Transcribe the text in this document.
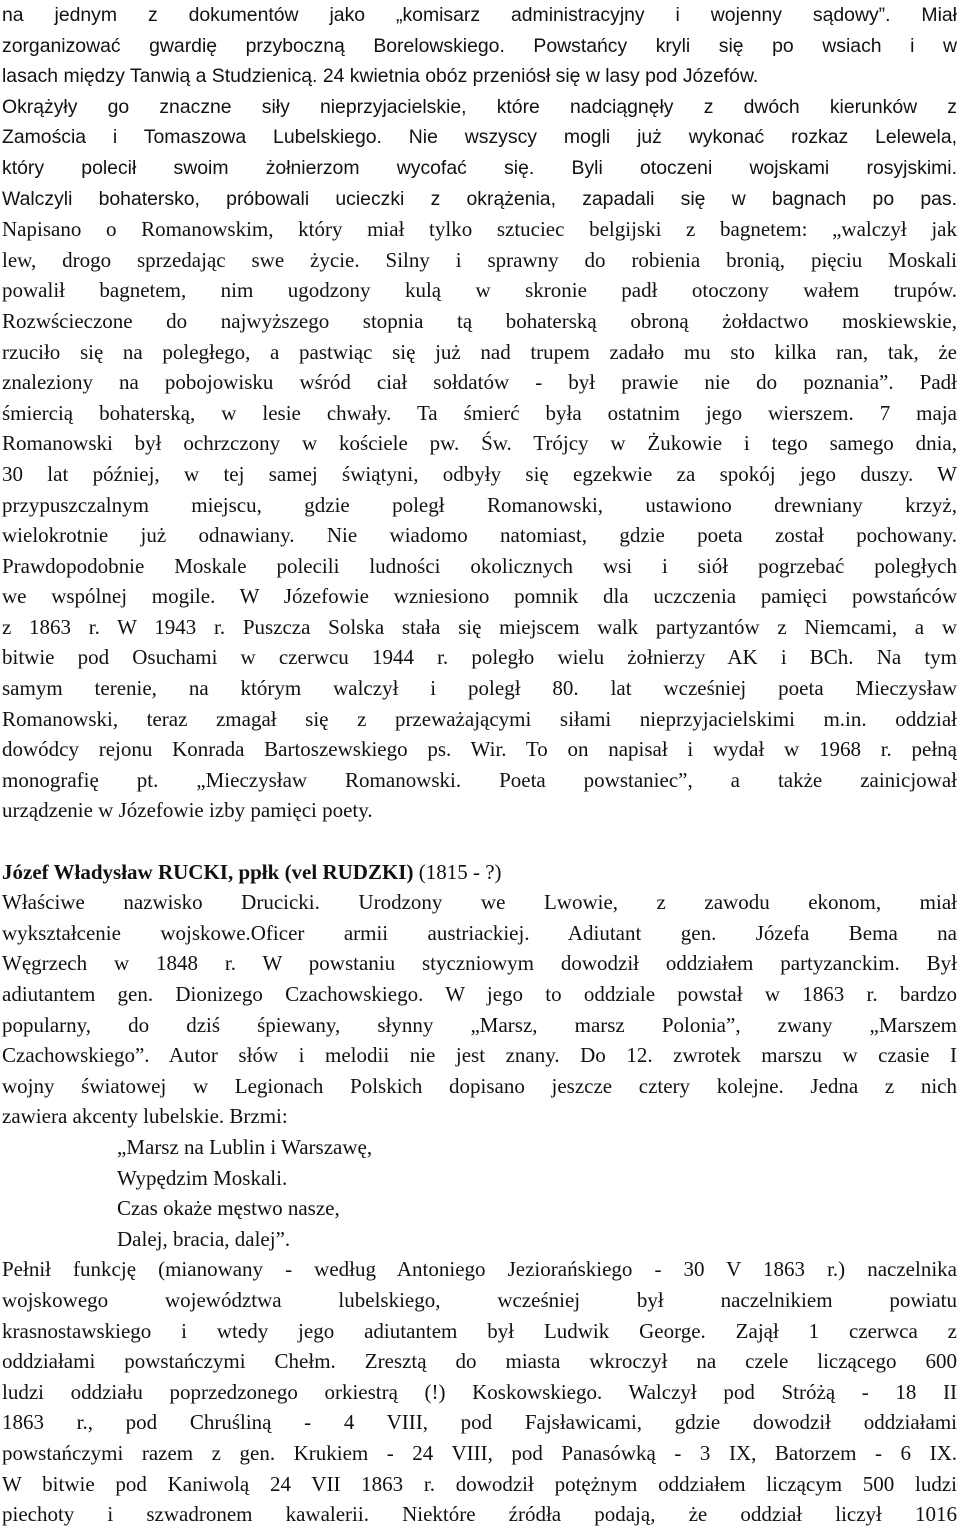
na jednym z dokumentów jako „komisarz administracyjny i wojenny sądowy”. Miał
zorganizować gwardię przyboczną Borelowskiego. Powstańcy kryli się po wsiach i w
lasach między Tanwią a Studzienicą. 24 kwietnia obóz przeniósł się w lasy pod Józefów.
Okrążyły go znaczne siły nieprzyjacielskie, które nadciągnęły z dwóch kierunków z
Zamościa i Tomaszowa Lubelskiego. Nie wszyscy mogli już wykonać rozkaz Lelewela,
który polecił swoim żołnierzom wycofać się. Byli otoczeni wojskami rosyjskimi.
Walczyli bohatersko, próbowali ucieczki z okrążenia, zapadali się w bagnach po pas.
Napisano o Romanowskim, który miał tylko sztuciec belgijski z bagnetem: „walczył jak
lew, drogo sprzedając swe życie. Silny i sprawny do robienia bronią, pięciu Moskali
powalił bagnetem, nim ugodzony kulą w skronie padł otoczony wałem trupów.
Rozwścieczone do najwyższego stopnia tą bohaterską obroną żołdactwo moskiewskie,
rzuciło się na poległego, a pastwiąc się już nad trupem zadało mu sto kilka ran, tak, że
znaleziony na pobojowisku wśród ciał sołdatów - był prawie nie do poznania”. Padł
śmiercią bohaterską, w lesie chwały. Ta śmierć była ostatnim jego wierszem. 7 maja
Romanowski był ochrzczony w kościele pw. Św. Trójcy w Żukowie i tego samego dnia,
30 lat później, w tej samej świątyni, odbyły się egzekwie za spokój jego duszy. W
przypuszczalnym miejscu, gdzie poległ Romanowski, ustawiono drewniany krzyż,
wielokrotnie już odnawiany. Nie wiadomo natomiast, gdzie poeta został pochowany.
Prawdopodobnie Moskale polecili ludności okolicznych wsi i siół pogrzebać poległych
we wspólnej mogile. W Józefowie wzniesiono pomnik dla uczczenia pamięci powstańców
z 1863 r. W 1943 r. Puszcza Solska stała się miejscem walk partyzantów z Niemcami, a w
bitwie pod Osuchami w czerwcu 1944 r. poległo wielu żołnierzy AK i BCh. Na tym
samym terenie, na którym walczył i poległ 80. lat wcześniej poeta Mieczysław
Romanowski, teraz zmagał się z przeważającymi siłami nieprzyjacielskimi m.in. oddział
dowódcy rejonu Konrada Bartoszewskiego ps. Wir. To on napisał i wydał w 1968 r. pełną
monografię pt. „Mieczysław Romanowski. Poeta powstaniec”, a także zainicjował
urządzenie w Józefowie izby pamięci poety.
Józef Władysław RUCKI, ppłk (vel RUDZKI) (1815 - ?)
Właściwe nazwisko Drucicki. Urodzony we Lwowie, z zawodu ekonom, miał
wykształcenie wojskowe.Oficer armii austriackiej. Adiutant gen. Józefa Bema na
Węgrzech w 1848 r. W powstaniu styczniowym dowodził oddziałem partyzanckim. Był
adiutantem gen. Dionizego Czachowskiego. W jego to oddziale powstał w 1863 r. bardzo
popularny, do dziś śpiewany, słynny „Marsz, marsz Polonia”, zwany „Marszem
Czachowskiego”. Autor słów i melodii nie jest znany. Do 12. zwrotek marszu w czasie I
wojny światowej w Legionach Polskich dopisano jeszcze cztery kolejne. Jedna z nich
zawiera akcenty lubelskie. Brzmi:
„Marsz na Lublin i Warszawę,
Wypędzim Moskali.
Czas okaże męstwo nasze,
Dalej, bracia, dalej”.
Pełnił funkcję (mianowany - według Antoniego Jeziorańskiego - 30 V 1863 r.) naczelnika
wojskowego województwa lubelskiego, wcześniej był naczelnikiem powiatu
krasnostawskiego i wtedy jego adiutantem był Ludwik George. Zajął 1 czerwca z
oddziałami powstańczymi Chełm. Zresztą do miasta wkroczył na czele liczącego 600
ludzi oddziału poprzedzonego orkiestrą (!) Koskowskiego. Walczył pod Stróżą - 18 II
1863 r., pod Chruśliną - 4 VIII, pod Fajsławicami, gdzie dowodził oddziałami
powstańczymi razem z gen. Krukiem - 24 VIII, pod Panasówką - 3 IX, Batorzem - 6 IX.
W bitwie pod Kaniwolą 24 VII 1863 r. dowodził potężnym oddziałem liczącym 500 ludzi
piechoty i szwadronem kawalerii. Niektóre źródła podają, że oddział liczył 1016
